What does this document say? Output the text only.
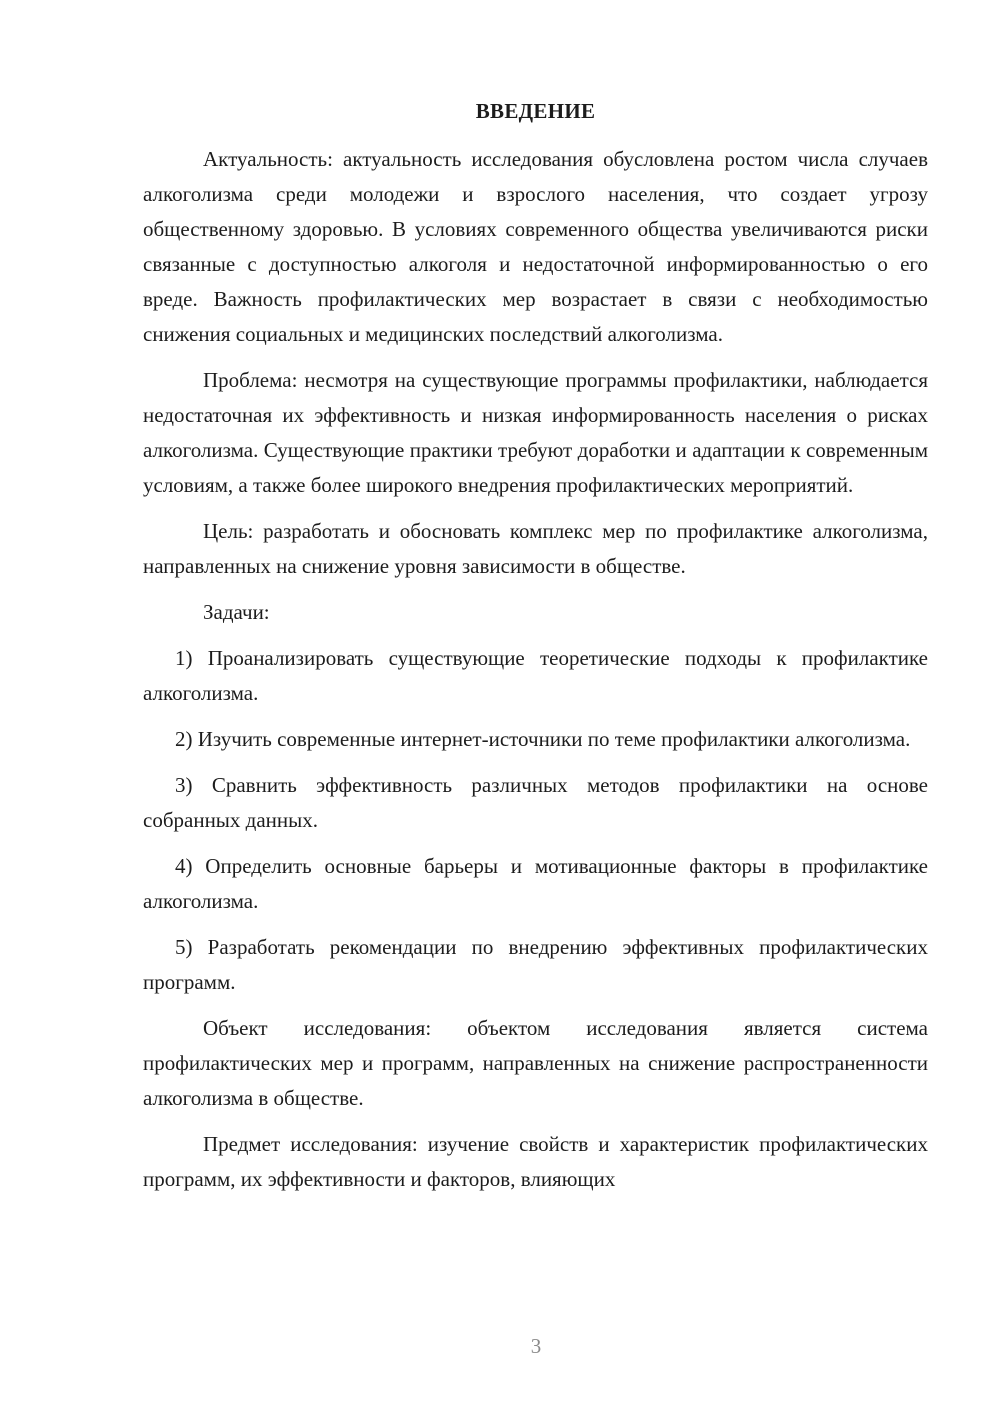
ВВЕДЕНИЕ

Актуальность: актуальность исследования обусловлена ростом числа случаев алкоголизма среди молодежи и взрослого населения, что создает угрозу общественному здоровью. В условиях современного общества увеличиваются риски связанные с доступностью алкоголя и недостаточной информированностью о его вреде. Важность профилактических мер возрастает в связи с необходимостью снижения социальных и медицинских последствий алкоголизма.

Проблема: несмотря на существующие программы профилактики, наблюдается недостаточная их эффективность и низкая информированность населения о рисках алкоголизма. Существующие практики требуют доработки и адаптации к современным условиям, а также более широкого внедрения профилактических мероприятий.

Цель: разработать и обосновать комплекс мер по профилактике алкоголизма, направленных на снижение уровня зависимости в обществе.

Задачи:

1) Проанализировать существующие теоретические подходы к профилактике алкоголизма.

2) Изучить современные интернет-источники по теме профилактики алкоголизма.

3) Сравнить эффективность различных методов профилактики на основе собранных данных.

4) Определить основные барьеры и мотивационные факторы в профилактике алкоголизма.

5) Разработать рекомендации по внедрению эффективных профилактических программ.

Объект исследования: объектом исследования является система профилактических мер и программ, направленных на снижение распространенности алкоголизма в обществе.

Предмет исследования: изучение свойств и характеристик профилактических программ, их эффективности и факторов, влияющих

3
